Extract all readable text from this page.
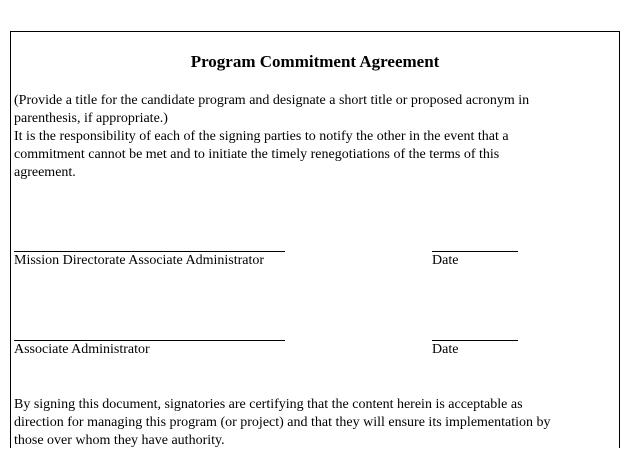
Program Commitment Agreement
(Provide a title for the candidate program and designate a short title or proposed acronym in
parenthesis, if appropriate.)
It is the responsibility of each of the signing parties to notify the other in the event that a
commitment cannot be met and to initiate the timely renegotiations of the terms of this
agreement.
Mission Directorate Associate Administrator	Date
Associate Administrator	Date
By signing this document, signatories are certifying that the content herein is acceptable as
direction for managing this program (or project) and that they will ensure its implementation by
those over whom they have authority.
